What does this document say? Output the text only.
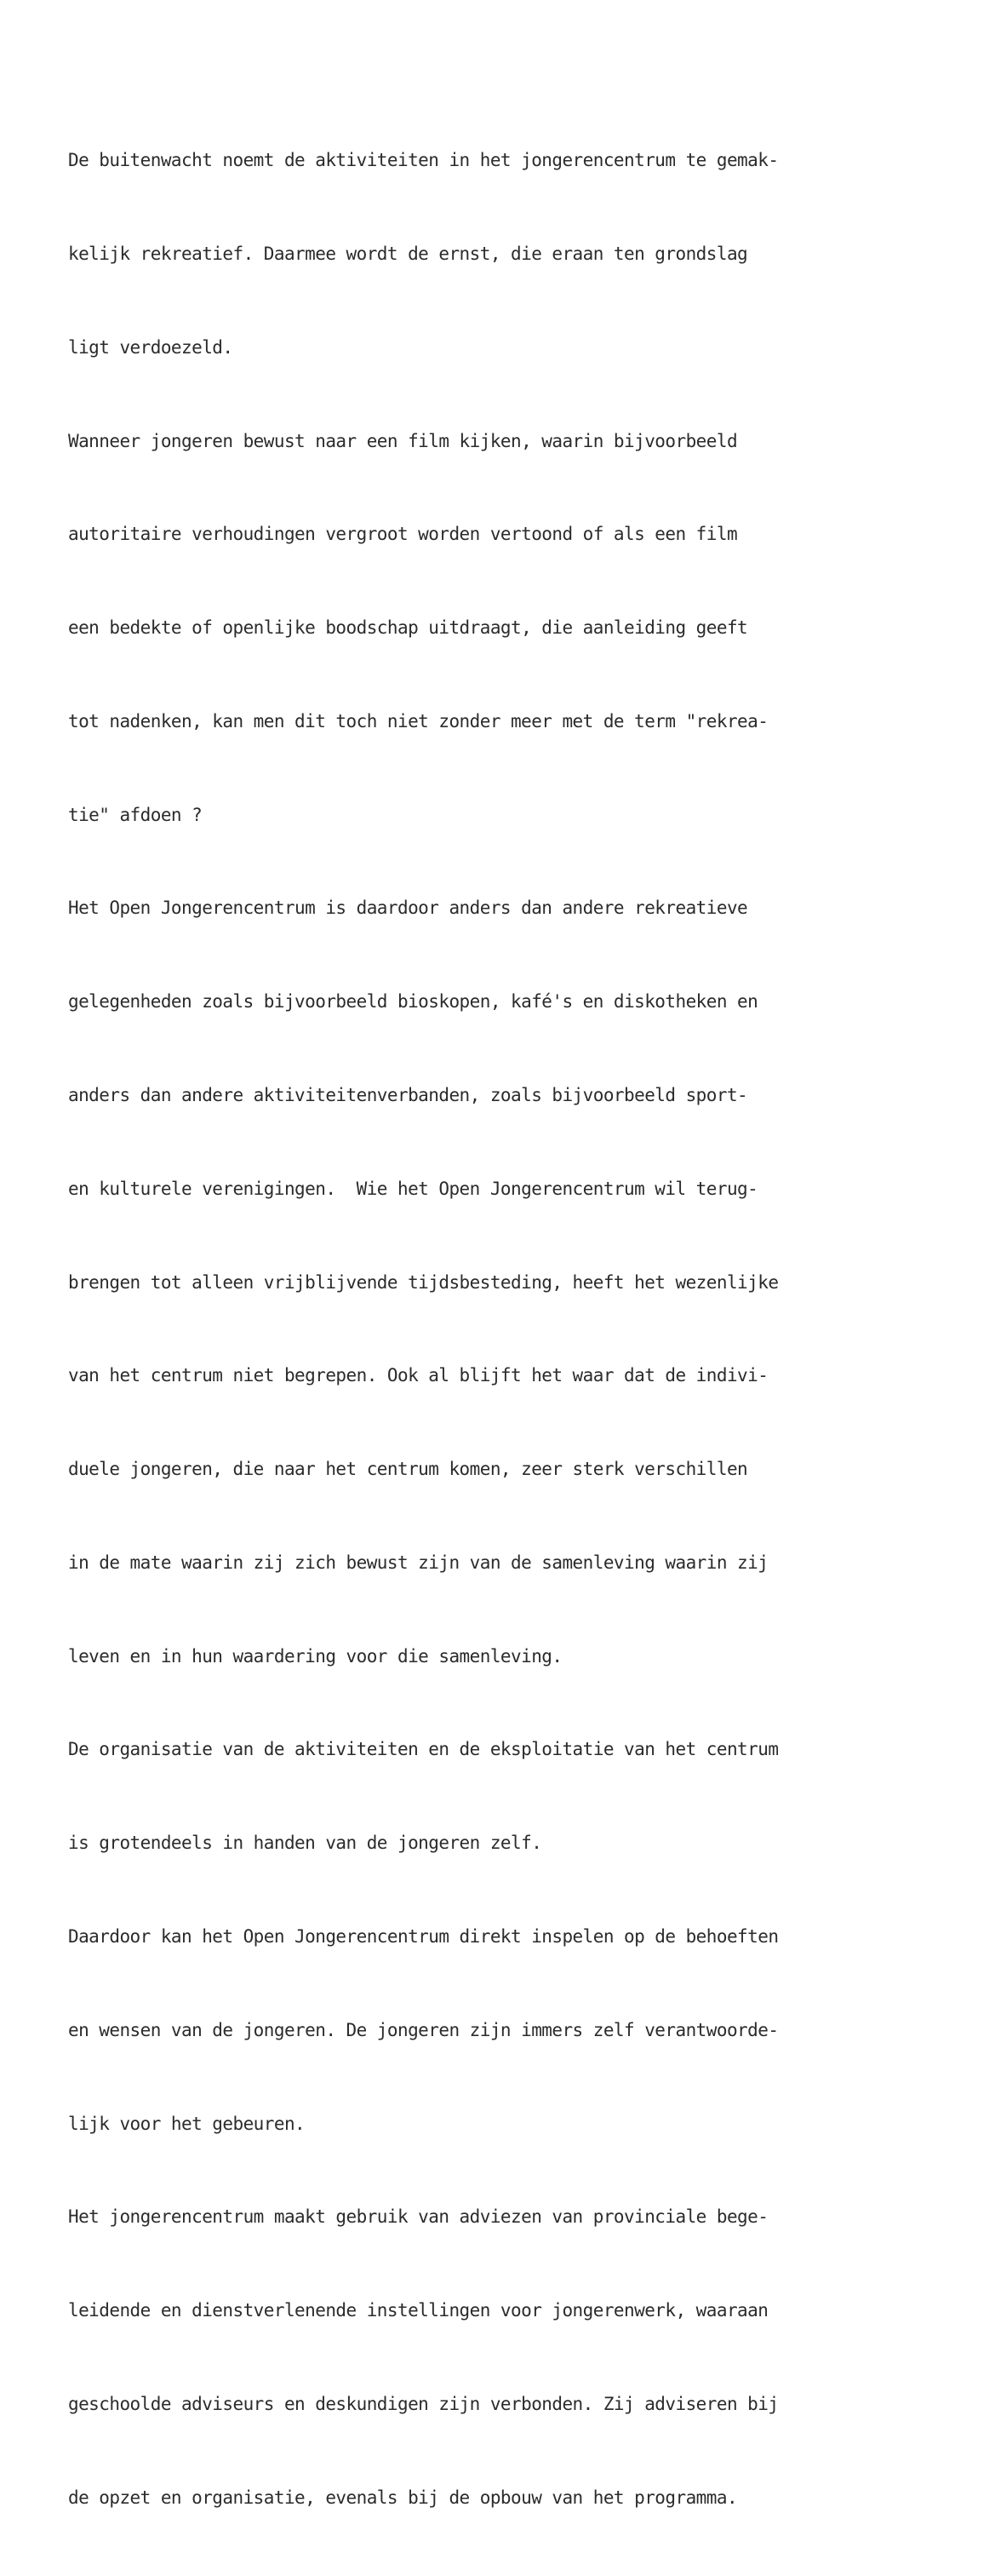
De buitenwacht noemt de aktiviteiten in het jongerencentrum te gemak-

kelijk rekreatief. Daarmee wordt de ernst, die eraan ten grondslag

ligt verdoezeld.

Wanneer jongeren bewust naar een film kijken, waarin bijvoorbeeld

autoritaire verhoudingen vergroot worden vertoond of als een film

een bedekte of openlijke boodschap uitdraagt, die aanleiding geeft

tot nadenken, kan men dit toch niet zonder meer met de term "rekrea-

tie" afdoen ?

Het Open Jongerencentrum is daardoor anders dan andere rekreatieve

gelegenheden zoals bijvoorbeeld bioskopen, kafé's en diskotheken en

anders dan andere aktiviteitenverbanden, zoals bijvoorbeeld sport-

en kulturele verenigingen.  Wie het Open Jongerencentrum wil terug-

brengen tot alleen vrijblijvende tijdsbesteding, heeft het wezenlijke

van het centrum niet begrepen. Ook al blijft het waar dat de indivi-

duele jongeren, die naar het centrum komen, zeer sterk verschillen

in de mate waarin zij zich bewust zijn van de samenleving waarin zij

leven en in hun waardering voor die samenleving.

De organisatie van de aktiviteiten en de eksploitatie van het centrum

is grotendeels in handen van de jongeren zelf.

Daardoor kan het Open Jongerencentrum direkt inspelen op de behoeften

en wensen van de jongeren. De jongeren zijn immers zelf verantwoorde-

lijk voor het gebeuren.

Het jongerencentrum maakt gebruik van adviezen van provinciale bege-

leidende en dienstverlenende instellingen voor jongerenwerk, waaraan

geschoolde adviseurs en deskundigen zijn verbonden. Zij adviseren bij

de opzet en organisatie, evenals bij de opbouw van het programma.
